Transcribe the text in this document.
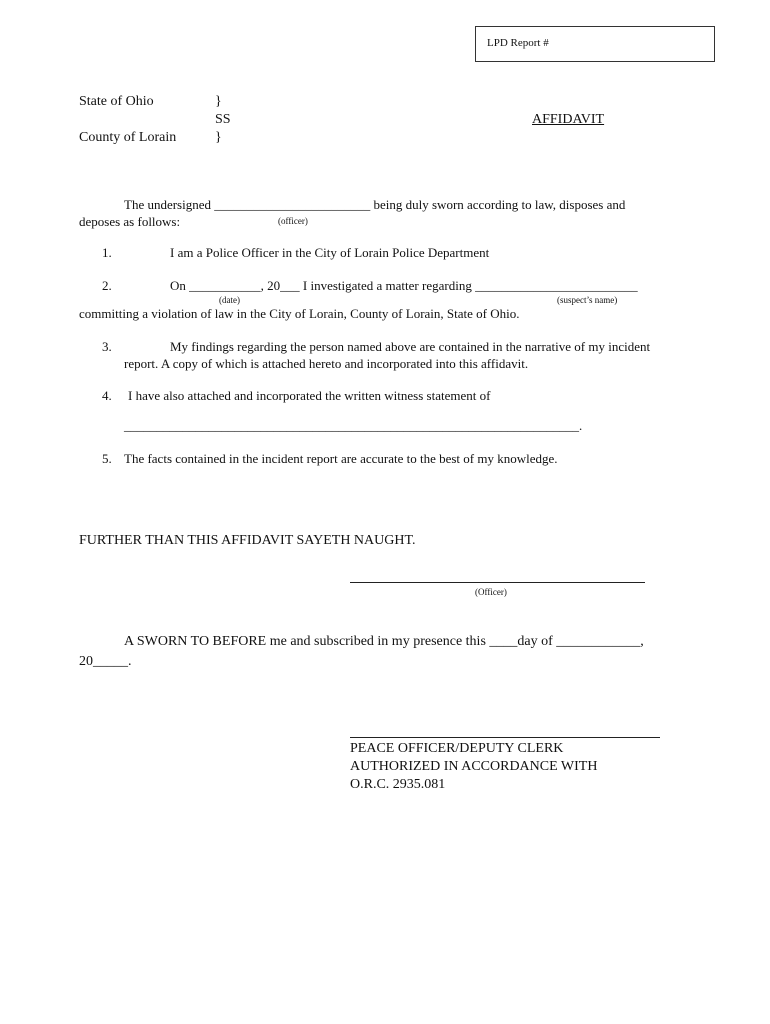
LPD Report #
State of Ohio	}
SS
County of Lorain	}
AFFIDAVIT
The undersigned ________________________ being duly sworn according to law, disposes and
deposes as follows:	(officer)
1.	I am a Police Officer in the City of Lorain Police Department
2.	On ___________, 20___ I investigated a matter regarding _________________________
(date)	(suspect’s name)
committing a violation of law in the City of Lorain, County of Lorain, State of Ohio.
3.	My findings regarding the person named above are contained in the narrative of my incident
report. A copy of which is attached hereto and incorporated into this affidavit.
4. I have also attached and incorporated the written witness statement of
______________________________________________________________________.
5. The facts contained in the incident report are accurate to the best of my knowledge.
FURTHER THAN THIS AFFIDAVIT SAYETH NAUGHT.
(Officer)
A SWORN TO BEFORE me and subscribed in my presence this ____day of ____________,
20_____.
PEACE OFFICER/DEPUTY CLERK
AUTHORIZED IN ACCORDANCE WITH
O.R.C. 2935.081
